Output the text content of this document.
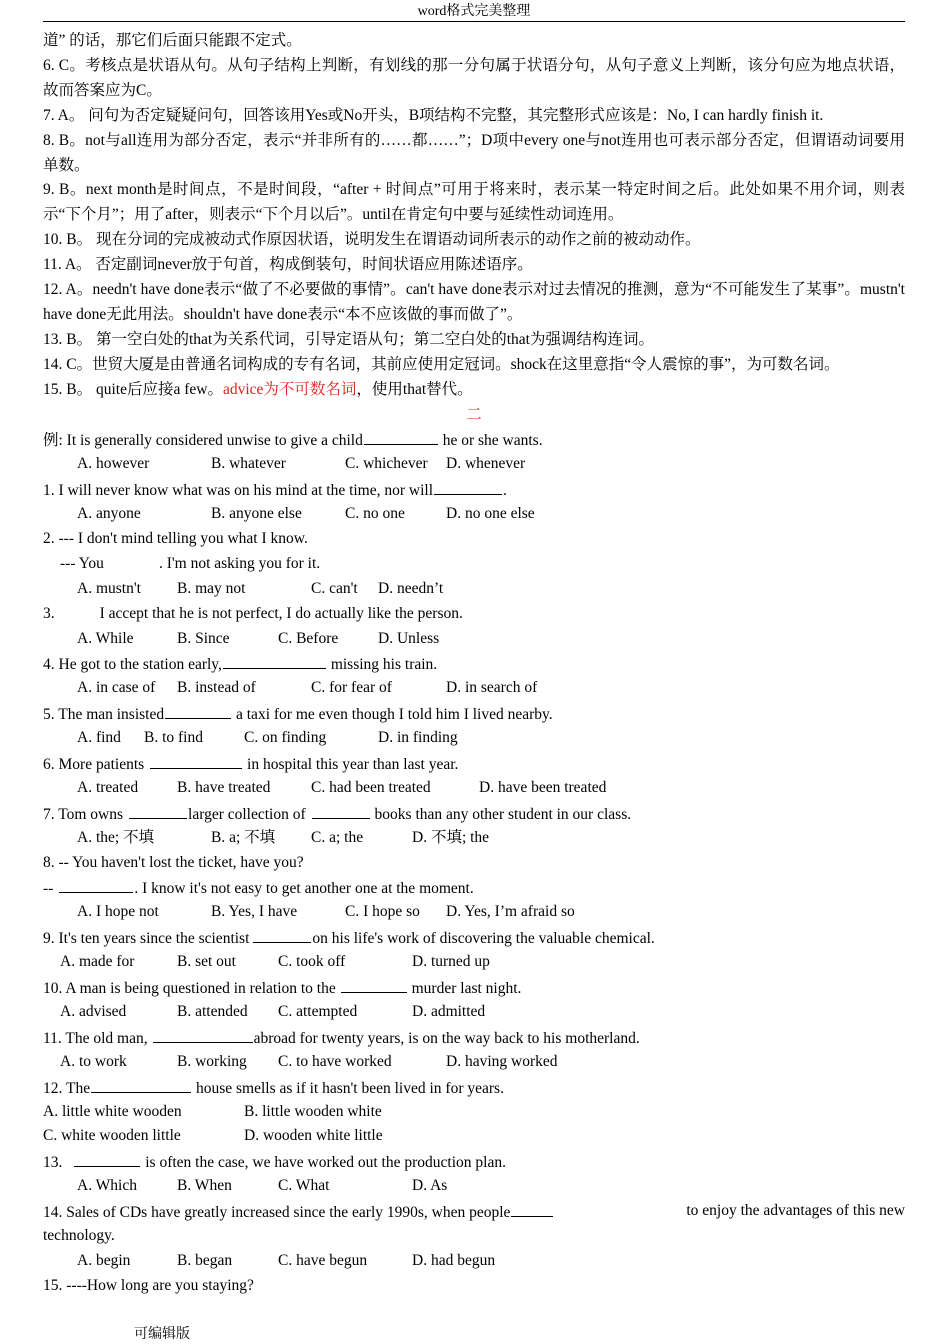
word格式完美整理
道” 的话，那它们后面只能跟不定式。
6. C。考核点是状语从句。从句子结构上判断，有划线的那一分句属于状语分句，从句子意义上判断，该分句应为地点状语，故而答案应为C。
7. A。 问句为否定疑疑问句，回答该用Yes或No开头，B项结构不完整，其完整形式应该是：No, I can hardly finish it.
8. B。not与all连用为部分否定，表示“并非所有的……都……”；D项中every one与not连用也可表示部分否定，但谓语动词要用单数。
9. B。next month是时间点，不是时间段，“after + 时间点”可用于将来时，表示某一特定时间之后。此处如果不用介词，则表示“下个月”；用了after，则表示“下个月以后”。until在肯定句中要与延续性动词连用。
10. B。 现在分词的完成被动式作原因状语，说明发生在谓语动词所表示的动作之前的被动动作。
11. A。 否定副词never放于句首，构成倒装句，时间状语应用陈述语序。
12. A。needn't have done表示“做了不必要做的事情”。can't have done表示对过去情况的推测，意为“不可能发生了某事”。mustn't have done无此用法。shouldn't have done表示“本不应该做的事而做了”。
13. B。 第一空白处的that为关系代词，引导定语从句；第二空白处的that为强调结构连词。
14. C。世贸大厦是由普通名词构成的专有名词，其前应使用定冠词。shock在这里意指“令人震惊的事”，为可数名词。
15. B。 quite后应接a few。advice为不可数名词，使用that替代。
二
例: It is generally considered unwise to give a child	he or she wants.
A. however	B. whatever	C. whichever D. whenever
1. I will never know what was on his mind at the time, nor will	.
A. anyone	B. anyone else	C. no one	D. no one else
2. --- I don't mind telling you what I know.
--- You	. I'm not asking you for it.
A. mustn't B. may not	C. can't D. needn’t
3.	I accept that he is not perfect, I do actually like the person.
A. While	B. Since	C. Before	D. Unless
4. He got to the station early,	missing his train.
A. in case of B. instead of	C. for fear of	D. in search of
5. The man insisted	a taxi for me even though I told him I lived nearby.
A. find B. to find	C. on finding	D. in finding
6. More patients	in hospital this year than last year.
A. treated	B. have treated	C. had been treated	D. have been treated
7. Tom owns	larger collection of	books than any other student in our class.
A. the; 不填	B. a; 不填 C. a; the	D. 不填; the
8. -- You haven't lost the ticket, have you?
--	. I know it's not easy to get another one at the moment.
A. I hope not	B. Yes, I have	C. I hope so D. Yes, I’m afraid so
9. It's ten years since the scientist	on his life's work of discovering the valuable chemical.
A. made for	B. set out	C. took off	D. turned up
10. A man is being questioned in relation to the	murder last night.
A. advised	B. attended C. attempted	D. admitted
11. The old man,	abroad for twenty years, is on the way back to his motherland.
A. to work	B. working C. to have worked	D. having worked
12. The	house smells as if it hasn't been lived in for years.
A. little white wooden	B. little wooden white
C. white wooden little	D. wooden white little
13.	is often the case, we have worked out the production plan.
A. Which	B. When	C. What	D. As
14. Sales of CDs have greatly increased since the early 1990s, when people	to enjoy the advantages of this new
technology.
A. begin	B. began	C. have begun	D. had begun
15. ----How long are you staying?
可编辑版
